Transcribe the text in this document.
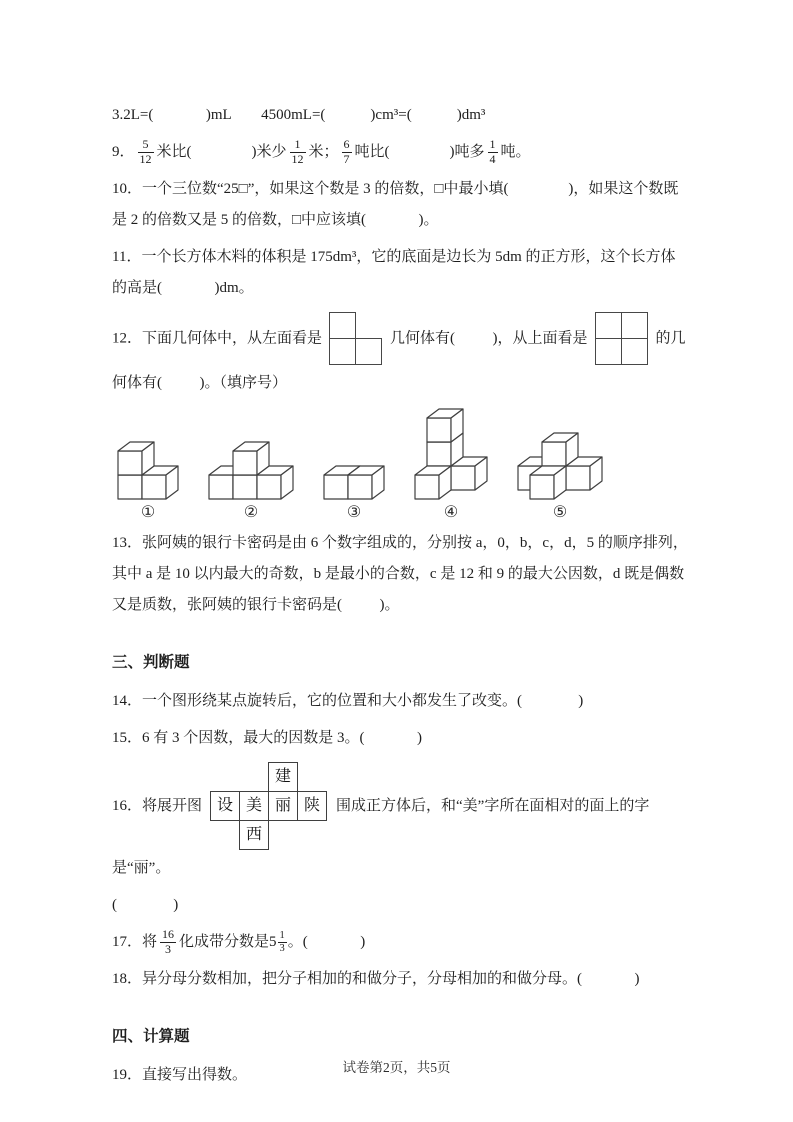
3.2L=(              )mL        4500mL=(            )cm³=(            )dm³
9． $\frac{5}{12}$ 米比(                )米少 $\frac{1}{12}$ 米； $\frac{6}{7}$ 吨比(                )吨多 $\frac{1}{4}$ 吨。
10．一个三位数“25□”，如果这个数是 3 的倍数，□中最小填(                )，如果这个数既是 2 的倍数又是 5 的倍数，□中应该填(              )。
11．一个长方体木料的体积是 175dm³，它的底面是边长为 5dm 的正方形，这个长方体的高是(              )dm。
12．下面几何体中，从左面看是	几何体有(          )，从上面看是	的几何体有(          )。（填序号）
①	②	③	④	⑤
13．张阿姨的银行卡密码是由 6 个数字组成的，分别按 a，0，b，c，d，5 的顺序排列，其中 a 是 10 以内最大的奇数，b 是最小的合数，c 是 12 和 9 的最大公因数，d 既是偶数又是质数，张阿姨的银行卡密码是(          )。
三、判断题
14．一个图形绕某点旋转后，它的位置和大小都发生了改变。(               )
15．6 有 3 个因数，最大的因数是 3。(              )
16．将展开图
建
设 美 丽 陕
西
围成正方体后，和“美”字所在面相对的面上的字是“丽”。
(               )
17．将 $\frac{16}{3}$ 化成带分数是$5 \frac{1}{3}$ 。(              )
18．异分母分数相加，把分子相加的和做分子，分母相加的和做分母。(              )
四、计算题
19．直接写出得数。	试卷第2页，共5页
